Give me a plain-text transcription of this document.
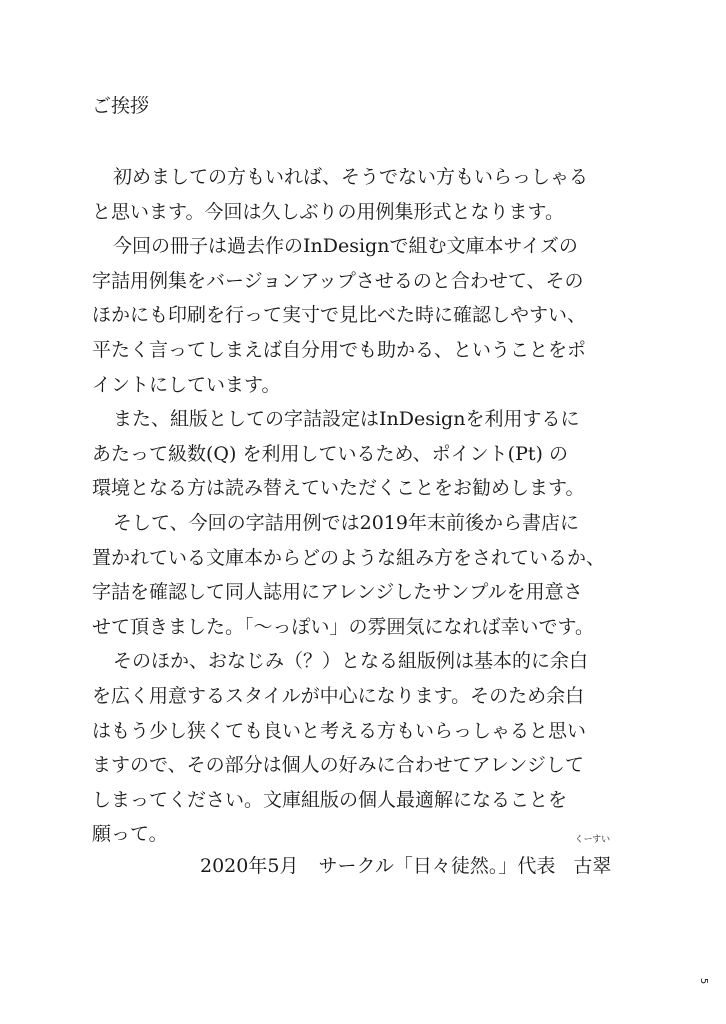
ご挨拶
初めましての方もいれば、そうでない方もいらっしゃる
と思います。今回は久しぶりの用例集形式となります。
今回の冊子は過去作のInDesignで組む文庫本サイズの
字詰用例集をバージョンアップさせるのと合わせて、その
ほかにも印刷を行って実寸で見比べた時に確認しやすい、
平たく言ってしまえば自分用でも助かる、ということをポ
イントにしています。
また、組版としての字詰設定はInDesignを利用するに
あたって級数(Q) を利用しているため、ポイント(Pt) の
環境となる方は読み替えていただくことをお勧めします。
そして、今回の字詰用例では2019年末前後から書店に
置かれている文庫本からどのような組み方をされているか、
字詰を確認して同人誌用にアレンジしたサンプルを用意さ
せて頂きました。「〜っぽい」の雰囲気になれば幸いです。
そのほか、おなじみ（？）となる組版例は基本的に余白
を広く用意するスタイルが中心になります。そのため余白
はもう少し狭くても良いと考える方もいらっしゃると思い
ますので、その部分は個人の好みに合わせてアレンジして
しまってください。文庫組版の個人最適解になることを
願って。
2020年5月 サークル「日々徒然。」代表
くーすい
古翠
5
